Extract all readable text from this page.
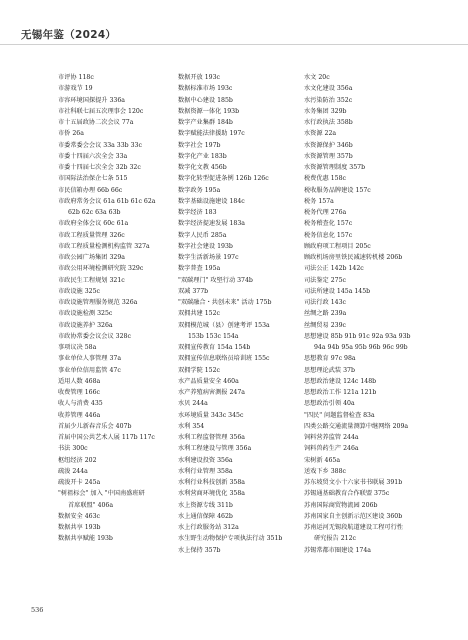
无锡年鉴（2024）
市评协 118c
市游戏节 19
市容环境国探提升 336a
市社科联七届五次理事会 120c
市十五届政协二次会议 77a
市侨 26a
市委常委会会议 33a 33b 33c
市委十四届六次全会 33a
市委十四届七次全会 32b 32c
市国际法治保企七条 515
市民信箱办理 66b 66c
市政府常务会议 61a 61b 61c 62a
62b 62c 63a 63b
市政府全体会议 60c 61a
市政工程质量管理 326c
市政工程质量检测机构监管 327a
市政公园广场集团 329a
市政公用环境检测研究院 329c
市政民生工程规划 321c
市政设施 325c
市政设施管理服务规范 326a
市政设施检测 325c
市政设施养护 326a
市政协常委会议会议 328c
事项议决 58a
事业单位人事管理 37a
事业单位信用监管 47c
适用人数 468a
收费管理 166c
收人与消费 435
收养管理 446a
首届少儿新春音乐会 407b
首届中国公共艺术人展 117b 117c
书法 300c
枢纽经济 202
疏浚 244a
疏浚开卡 245a
"树祖标会" 加入 "中国南盛班研
首席联盟" 406a
数据安全 463c
数据共享 193b
数据共享赋能 193b
数据开放 193c
数据标准市场 193c
数据中心建设 185b
数据资源一体化 193b
数字产业集群 184b
数字赋能法律援助 197c
数字社会 197b
数字化产业 183b
数字化文教 456b
数字化转型促进条例 126b 126c
数字政务 195a
数字基础设施建设 184c
数字经济 183
数字经济提速发展 183a
数字人民币 285a
数字社会建设 193b
数字生活新场景 197c
数字普查 195a
"双碳理门" 攻堅行动 374b
双减 377b
"双碳融合・共创未来" 活动 175b
双拥共建 152c
双拥模范城（县）创建考评 153a
153b 153c 154a
双拥宣传教育 154a 154b
双拥宣传信息联络员培训班 155c
双拥学院 152c
水产品质量安全 460a
水产养殖病害测报 247a
水贝 244a
水环境质量 343c 345c
水利 354
水利工程监督管理 356a
水利工程建设与管理 356a
水利建设投资 356a
水利行业管理 358a
水利行业科技创新 358a
水利营商环境优化 358a
水上资源专线 311b
水上通信保障 462b
水上行政服务站 312a
水生野生动物保护专项执法行动 351b
水上保持 357b
水文 20c
水文化建设 356a
水污染防治 352c
水务集团 329b
水行政执法 358b
水资源 22a
水资源保护 346b
水资源管理 357b
水资源管理制度 357b
税费优惠 158c
税收服务品牌建设 157c
税务 157a
税务代理 276a
税务稽查化 157c
税务信息化 157c
顾政府项工程项目 205c
顾政机场房里铁民减速转机楼 206b
司法公正 142b 142c
司法鉴定 275c
司法所建设 145a 145b
司法行政 143c
丝绸之路 239a
丝绸贸易 239c
思想建设 85b 91b 91c 92a 93a 93b
94a 94b 95a 95b 96b 96c 99b
思想教育 97c 98a
思想理论武装 37b
思想政治建设 124c 148b
思想政治工作 121a 121b
思想政治引领 40a
"四民" 问题监督检查 83a
四类公路交通流量测算中继网络 209a
饲料营养监管 244a
饲料兽药生产 246a
宋树新 465a
送戏下乡 388c
苏东坡贸文小十六家书书联展 391b
苏锡通基础教育合作联盟 375c
苏南国际商贸物流园 206b
苏南国家自主创新示范区建设 360b
苏南运河无锡段航道建设工程可行性
研究报告 212c
苏锡常都市圈建设 174a
536
